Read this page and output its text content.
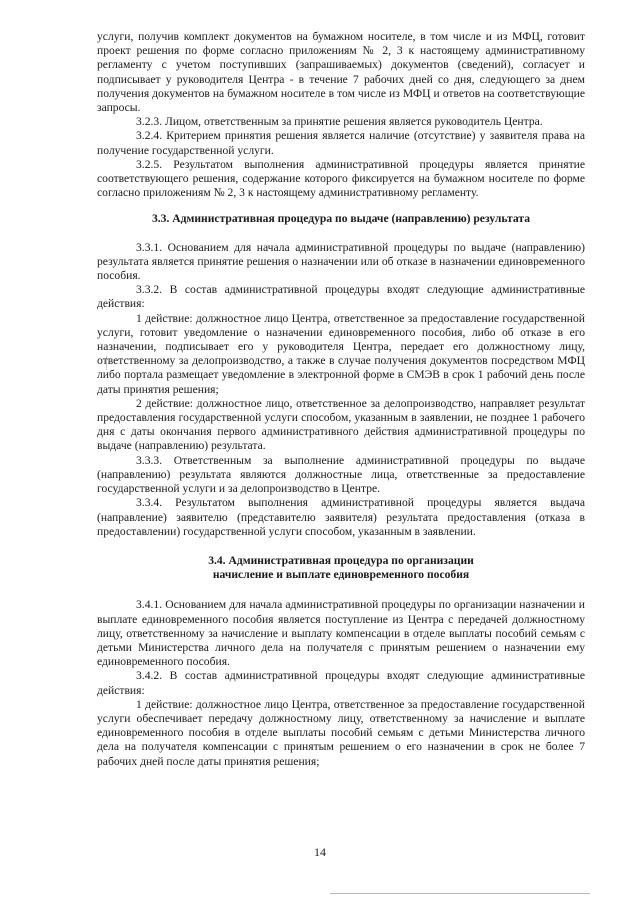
услуги, получив комплект документов на бумажном носителе, в том числе и из МФЦ, готовит проект решения по форме согласно приложениям № 2, 3 к настоящему административному регламенту с учетом поступивших (запрашиваемых) документов (сведений), согласует и подписывает у руководителя Центра - в течение 7 рабочих дней со дня, следующего за днем получения документов на бумажном носителе в том числе из МФЦ и ответов на соответствующие запросы.

3.2.3. Лицом, ответственным за принятие решения является руководитель Центра.

3.2.4. Критерием принятия решения является наличие (отсутствие) у заявителя права на получение государственной услуги.

3.2.5. Результатом выполнения административной процедуры является принятие соответствующего решения, содержание которого фиксируется на бумажном носителе по форме согласно приложениям № 2, 3 к настоящему административному регламенту.

3.3. Административная процедура по выдаче (направлению) результата

3.3.1. Основанием для начала административной процедуры по выдаче (направлению) результата является принятие решения о назначении или об отказе в назначении единовременного пособия.

3.3.2. В состав административной процедуры входят следующие административные действия:

1 действие: должностное лицо Центра, ответственное за предоставление государственной услуги, готовит уведомление о назначении единовременного пособия, либо об отказе в его назначении, подписывает его у руководителя Центра, передает его должностному лицу, ответственному за делопроизводство, а также в случае получения документов посредством МФЦ либо портала размещает уведомление в электронной форме в СМЭВ в срок 1 рабочий день после даты принятия решения;

2 действие: должностное лицо, ответственное за делопроизводство, направляет результат предоставления государственной услуги способом, указанным в заявлении, не позднее 1 рабочего дня с даты окончания первого административного действия административной процедуры по выдаче (направлению) результата.

3.3.3. Ответственным за выполнение административной процедуры по выдаче (направлению) результата являются должностные лица, ответственные за предоставление государственной услуги и за делопроизводство в Центре.

3.3.4. Результатом выполнения административной процедуры является выдача (направление) заявителю (представителю заявителя) результата предоставления (отказа в предоставлении) государственной услуги способом, указанным в заявлении.

3.4. Административная процедура по организации
начисление и выплате единовременного пособия

3.4.1. Основанием для начала административной процедуры по организации назначении и выплате единовременного пособия является поступление из Центра с передачей должностному лицу, ответственному за начисление и выплату компенсации в отделе выплаты пособий семьям с детьми Министерства личного дела на получателя с принятым решением о назначении ему единовременного пособия.

3.4.2. В состав административной процедуры входят следующие административные действия:

1 действие: должностное лицо Центра, ответственное за предоставление государственной услуги обеспечивает передачу должностному лицу, ответственному за начисление и выплате единовременного пособия в отделе выплаты пособий семьям с детьми Министерства личного дела на получателя компенсации с принятым решением о его назначении в срок не более 7 рабочих дней после даты принятия решения;

14
